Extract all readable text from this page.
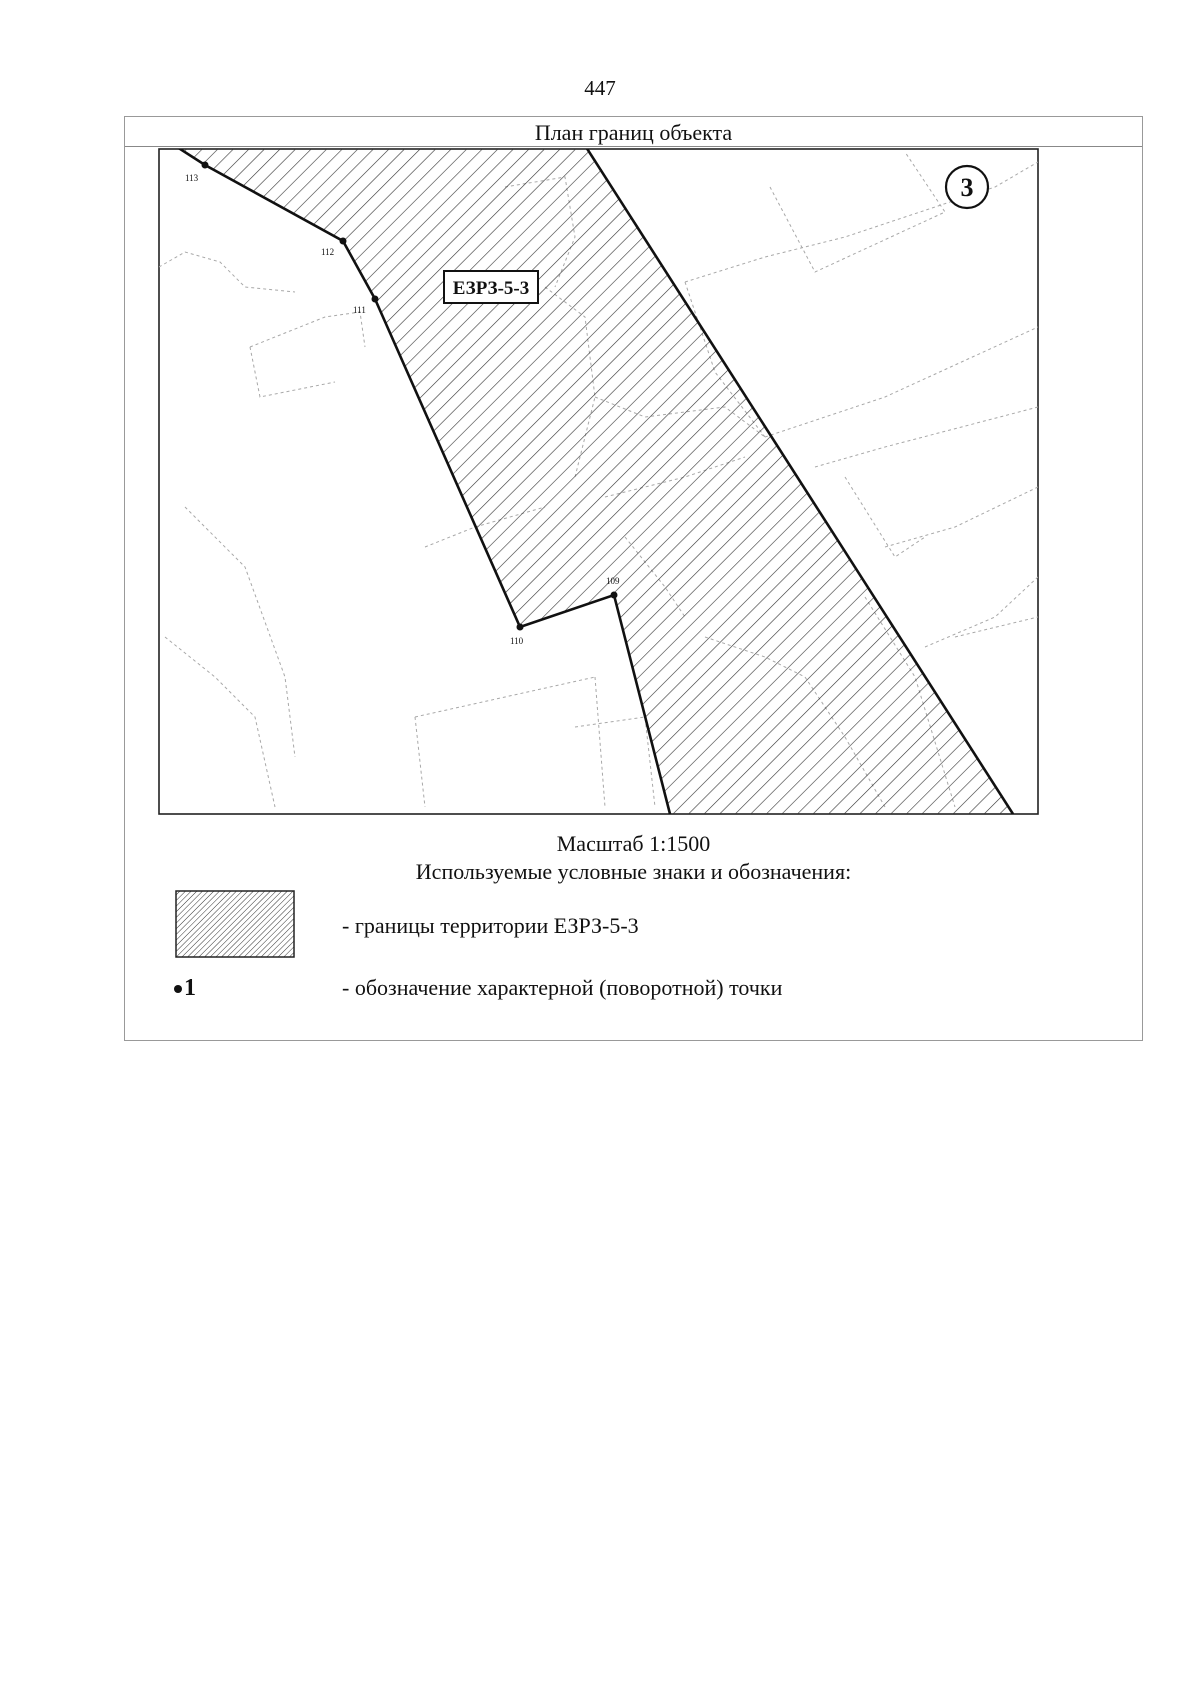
447
План границ объекта
113
112
111
110
109
ЕЗРЗ-5-3
3
Масштаб 1:1500
Используемые условные знаки и обозначения:
- границы территории ЕЗРЗ-5-3
1	- обозначение характерной (поворотной) точки
